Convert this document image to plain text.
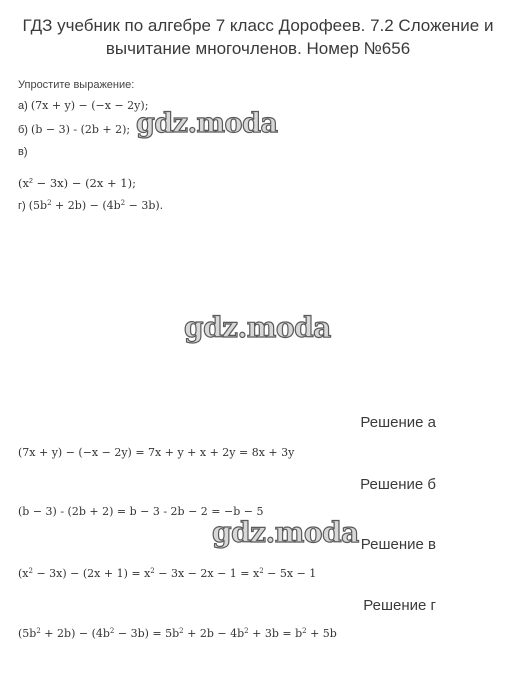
ГДЗ учебник по алгебре 7 класс Дорофеев. 7.2 Сложение и
вычитание многочленов. Номер №656
Упростите выражение:
а) (7x + y) − (−x − 2y);
б) (b − 3) - (2b + 2);
в)
$(x^2 - 3x) - (2x + 1)$;
г) $(5b^2 + 2b) - (4b^2 - 3b)$.
gdz.moda
gdz.moda
gdz.moda
Решение а
(7x + y) − (−x − 2y) = 7x + y + x + 2y = 8x + 3y
Решение б
(b − 3) - (2b + 2) = b − 3 - 2b − 2 = −b − 5
Решение в
$(x^2 - 3x) - (2x + 1) = x^2 - 3x - 2x - 1 = x^2 - 5x - 1$
Решение г
$(5b^2 + 2b) - (4b^2 - 3b) = 5b^2 + 2b - 4b^2 + 3b = b^2 + 5b$
